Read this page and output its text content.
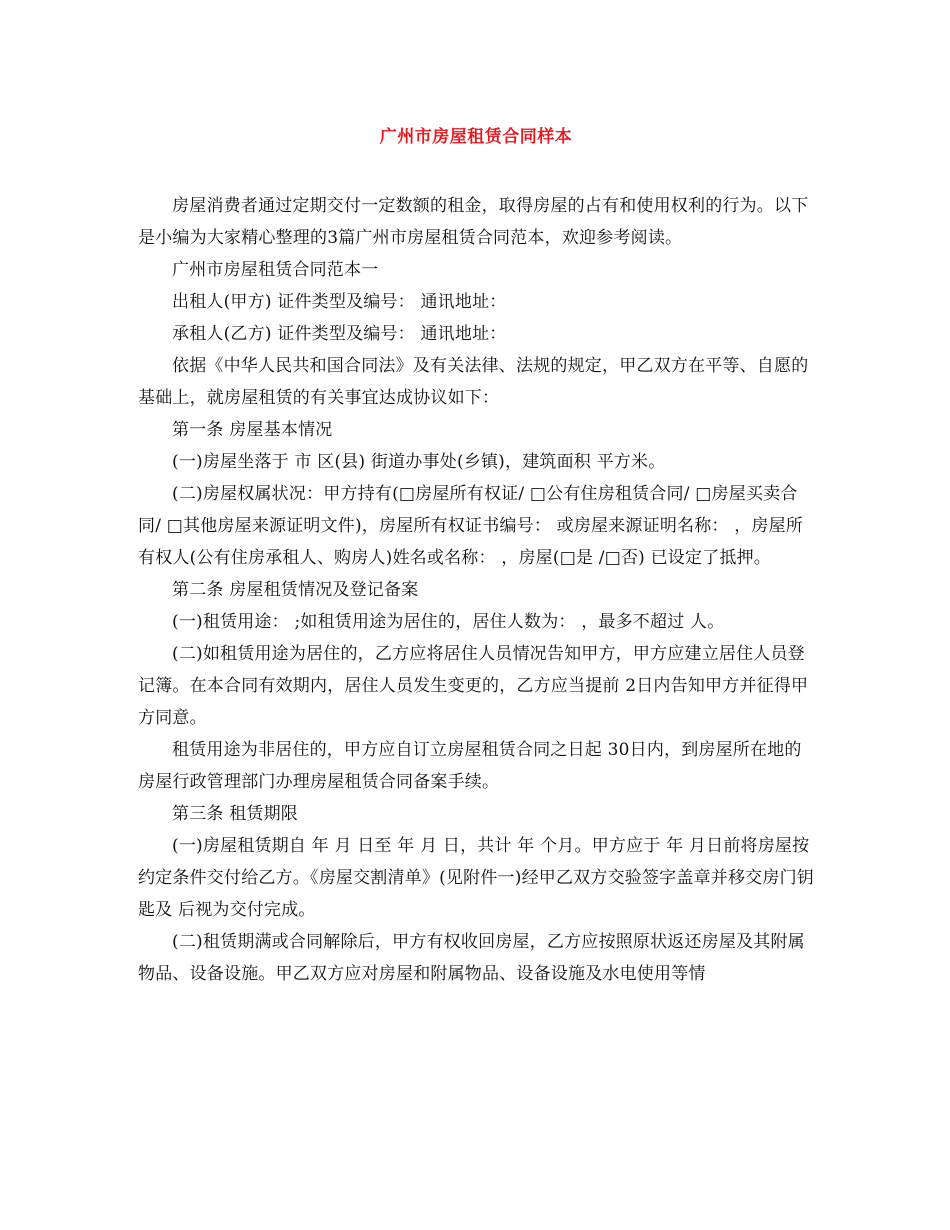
广州市房屋租赁合同样本

房屋消费者通过定期交付一定数额的租金，取得房屋的占有和使用权利的行为。以下是小编为大家精心整理的3篇广州市房屋租赁合同范本，欢迎参考阅读。

广州市房屋租赁合同范本一

出租人(甲方) 证件类型及编号： 通讯地址：

承租人(乙方) 证件类型及编号： 通讯地址：

依据《中华人民共和国合同法》及有关法律、法规的规定，甲乙双方在平等、自愿的基础上，就房屋租赁的有关事宜达成协议如下：

第一条 房屋基本情况

(一)房屋坐落于 市 区(县) 街道办事处(乡镇)，建筑面积 平方米。

(二)房屋权属状况：甲方持有(□房屋所有权证/ □公有住房租赁合同/ □房屋买卖合同/ □其他房屋来源证明文件)，房屋所有权证书编号： 或房屋来源证明名称： ，房屋所有权人(公有住房承租人、购房人)姓名或名称： ，房屋(□是 /□否) 已设定了抵押。

第二条 房屋租赁情况及登记备案

(一)租赁用途： ;如租赁用途为居住的，居住人数为： ，最多不超过 人。

(二)如租赁用途为居住的，乙方应将居住人员情况告知甲方，甲方应建立居住人员登记簿。在本合同有效期内，居住人员发生变更的，乙方应当提前 2日内告知甲方并征得甲方同意。

租赁用途为非居住的，甲方应自订立房屋租赁合同之日起 30日内，到房屋所在地的房屋行政管理部门办理房屋租赁合同备案手续。

第三条 租赁期限

(一)房屋租赁期自 年 月 日至 年 月 日，共计 年 个月。甲方应于 年 月日前将房屋按约定条件交付给乙方。《房屋交割清单》(见附件一)经甲乙双方交验签字盖章并移交房门钥匙及 后视为交付完成。

(二)租赁期满或合同解除后，甲方有权收回房屋，乙方应按照原状返还房屋及其附属物品、设备设施。甲乙双方应对房屋和附属物品、设备设施及水电使用等情
